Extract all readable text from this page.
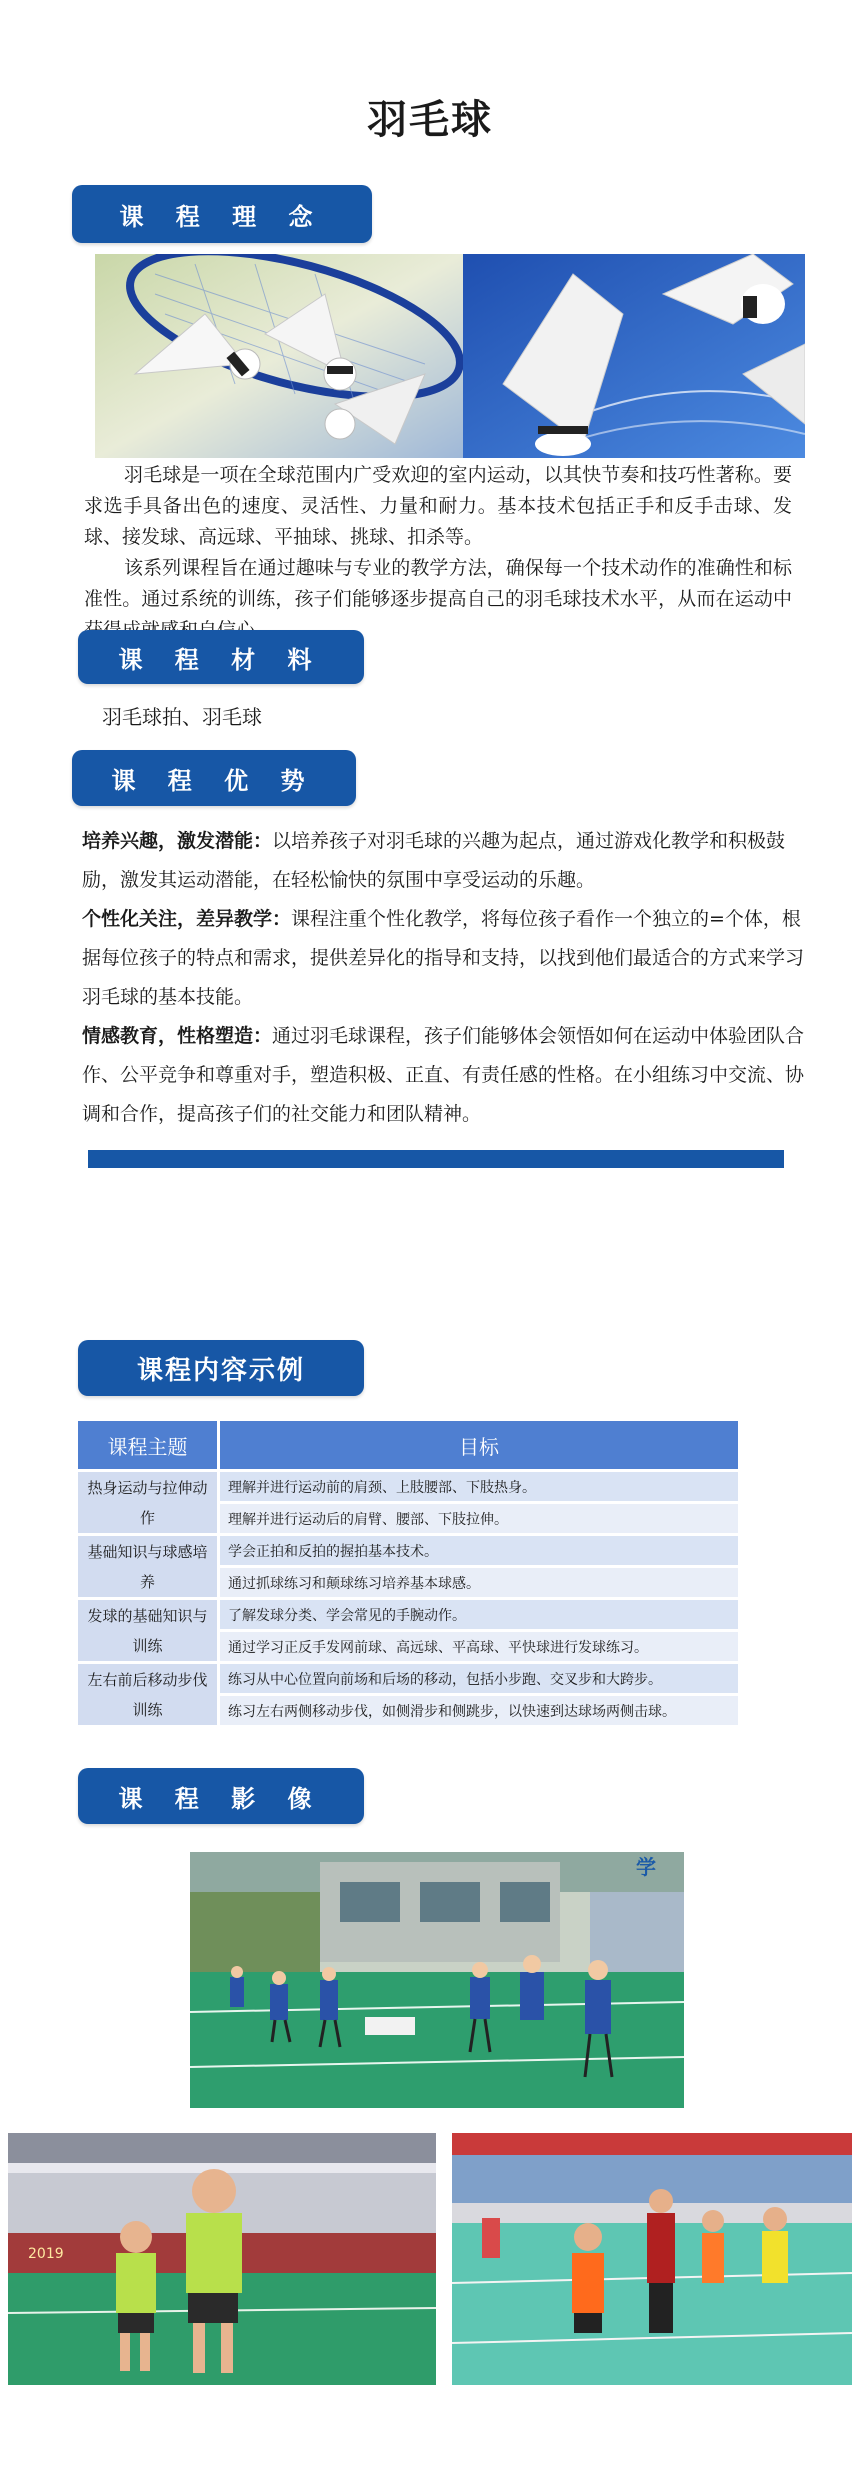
羽毛球
课 程 理 念

羽毛球是一项在全球范围内广受欢迎的室内运动，以其快节奏和技巧性著称。要求选手具备出色的速度、灵活性、力量和耐力。基本技术包括正手和反手击球、发球、接发球、高远球、平抽球、挑球、扣杀等。

该系列课程旨在通过趣味与专业的教学方法，确保每一个技术动作的准确性和标准性。通过系统的训练，孩子们能够逐步提高自己的羽毛球技术水平，从而在运动中

课 程 材 料
羽毛球拍、羽毛球
课 程 优 势

培养兴趣，激发潜能：以培养孩子对羽毛球的兴趣为起点，通过游戏化教学和积极鼓励，激发其运动潜能，在轻松愉快的氛围中享受运动的乐趣。

个性化关注，差异教学：课程注重个性化教学，将每位孩子看作一个独立的=个体，根据每位孩子的特点和需求，提供差异化的指导和支持，以找到他们最适合的方式来学习羽毛球的基本技能。

情感教育，性格塑造：通过羽毛球课程，孩子们能够体会领悟如何在运动中体验团队合作、公平竞争和尊重对手，塑造积极、正直、有责任感的性格。在小组练习中交流、协调和合作，提高孩子们的社交能力和团队精神。

课程内容示例
课程主题	目标
热身运动与拉伸动作	理解并进行运动前的肩颈、上肢腰部、下肢热身。
	理解并进行运动后的肩臂、腰部、下肢拉伸。
基础知识与球感培养	学会正拍和反拍的握拍基本技术。
	通过抓球练习和颠球练习培养基本球感。
发球的基础知识与训练	了解发球分类、学会常见的手腕动作。
	通过学习正反手发网前球、高远球、平高球、平快球进行发球练习。
左右前后移动步伐训练	练习从中心位置向前场和后场的移动，包括小步跑、交叉步和大跨步。
	练习左右两侧移动步伐，如侧滑步和侧跳步，以快速到达球场两侧击球。
课 程 影 像
学
2019
